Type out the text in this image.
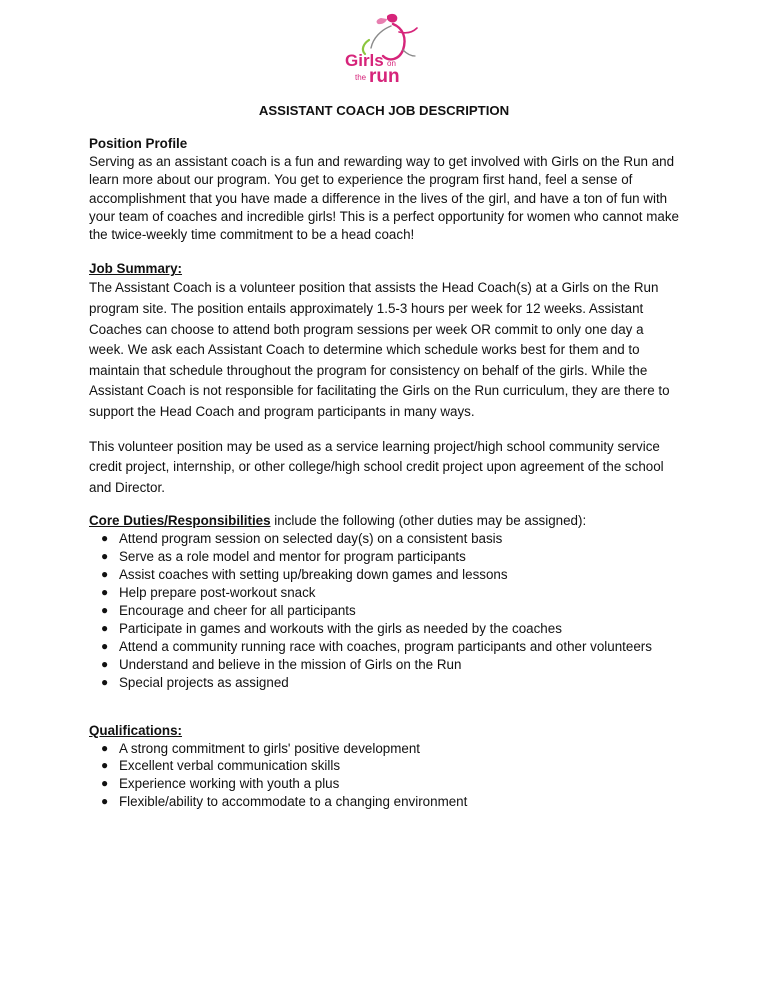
Girls on
the run
ASSISTANT COACH JOB DESCRIPTION
Position Profile

Serving as an assistant coach is a fun and rewarding way to get involved with Girls on the Run and learn more about our program. You get to experience the program first hand, feel a sense of accomplishment that you have made a difference in the lives of the girl, and have a ton of fun with your team of coaches and incredible girls! This is a perfect opportunity for women who cannot make the twice-weekly time commitment to be a head coach!

Job Summary:

The Assistant Coach is a volunteer position that assists the Head Coach(s) at a Girls on the Run program site. The position entails approximately 1.5-3 hours per week for 12 weeks. Assistant Coaches can choose to attend both program sessions per week OR commit to only one day a week. We ask each Assistant Coach to determine which schedule works best for them and to maintain that schedule throughout the program for consistency on behalf of the girls. While the Assistant Coach is not responsible for facilitating the Girls on the Run curriculum, they are there to support the Head Coach and program participants in many ways.

This volunteer position may be used as a service learning project/high school community service credit project, internship, or other college/high school credit project upon agreement of the school and Director.

Core Duties/Responsibilities include the following (other duties may be assigned):
● Attend program session on selected day(s) on a consistent basis
● Serve as a role model and mentor for program participants
● Assist coaches with setting up/breaking down games and lessons
● Help prepare post-workout snack
● Encourage and cheer for all participants
● Participate in games and workouts with the girls as needed by the coaches
● Attend a community running race with coaches, program participants and other volunteers
● Understand and believe in the mission of Girls on the Run
● Special projects as assigned
Qualifications:
● A strong commitment to girls' positive development
● Excellent verbal communication skills
● Experience working with youth a plus
● Flexible/ability to accommodate to a changing environment
